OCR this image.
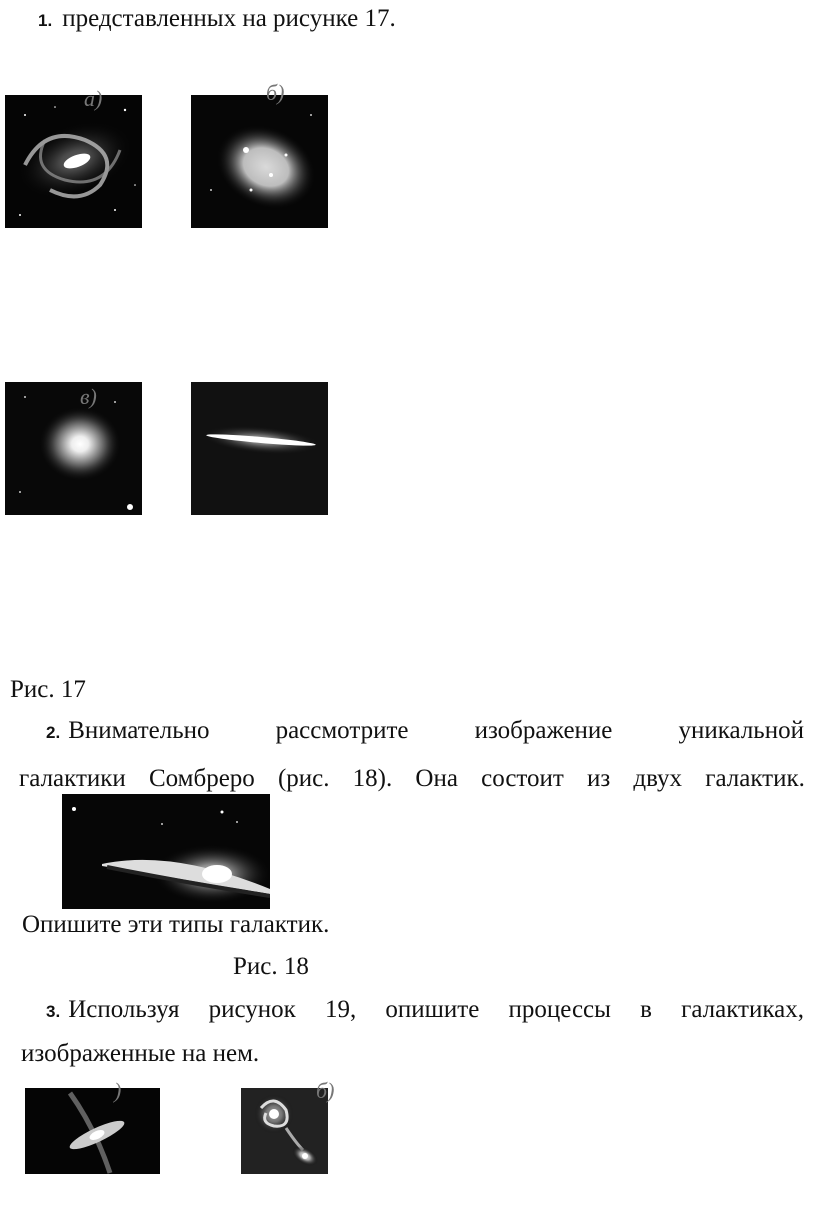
1. представленных на рисунке 17.
а)	б)
в)
Рис. 17
2. Внимательно	рассмотрите	изображение	уникальной
галактики Сомбреро (рис. 18). Она состоит из двух галактик.
Опишите эти типы галактик.
Рис. 18
3. Используя рисунок 19, опишите процессы в галактиках,
изображенные на нем.
)	б)
